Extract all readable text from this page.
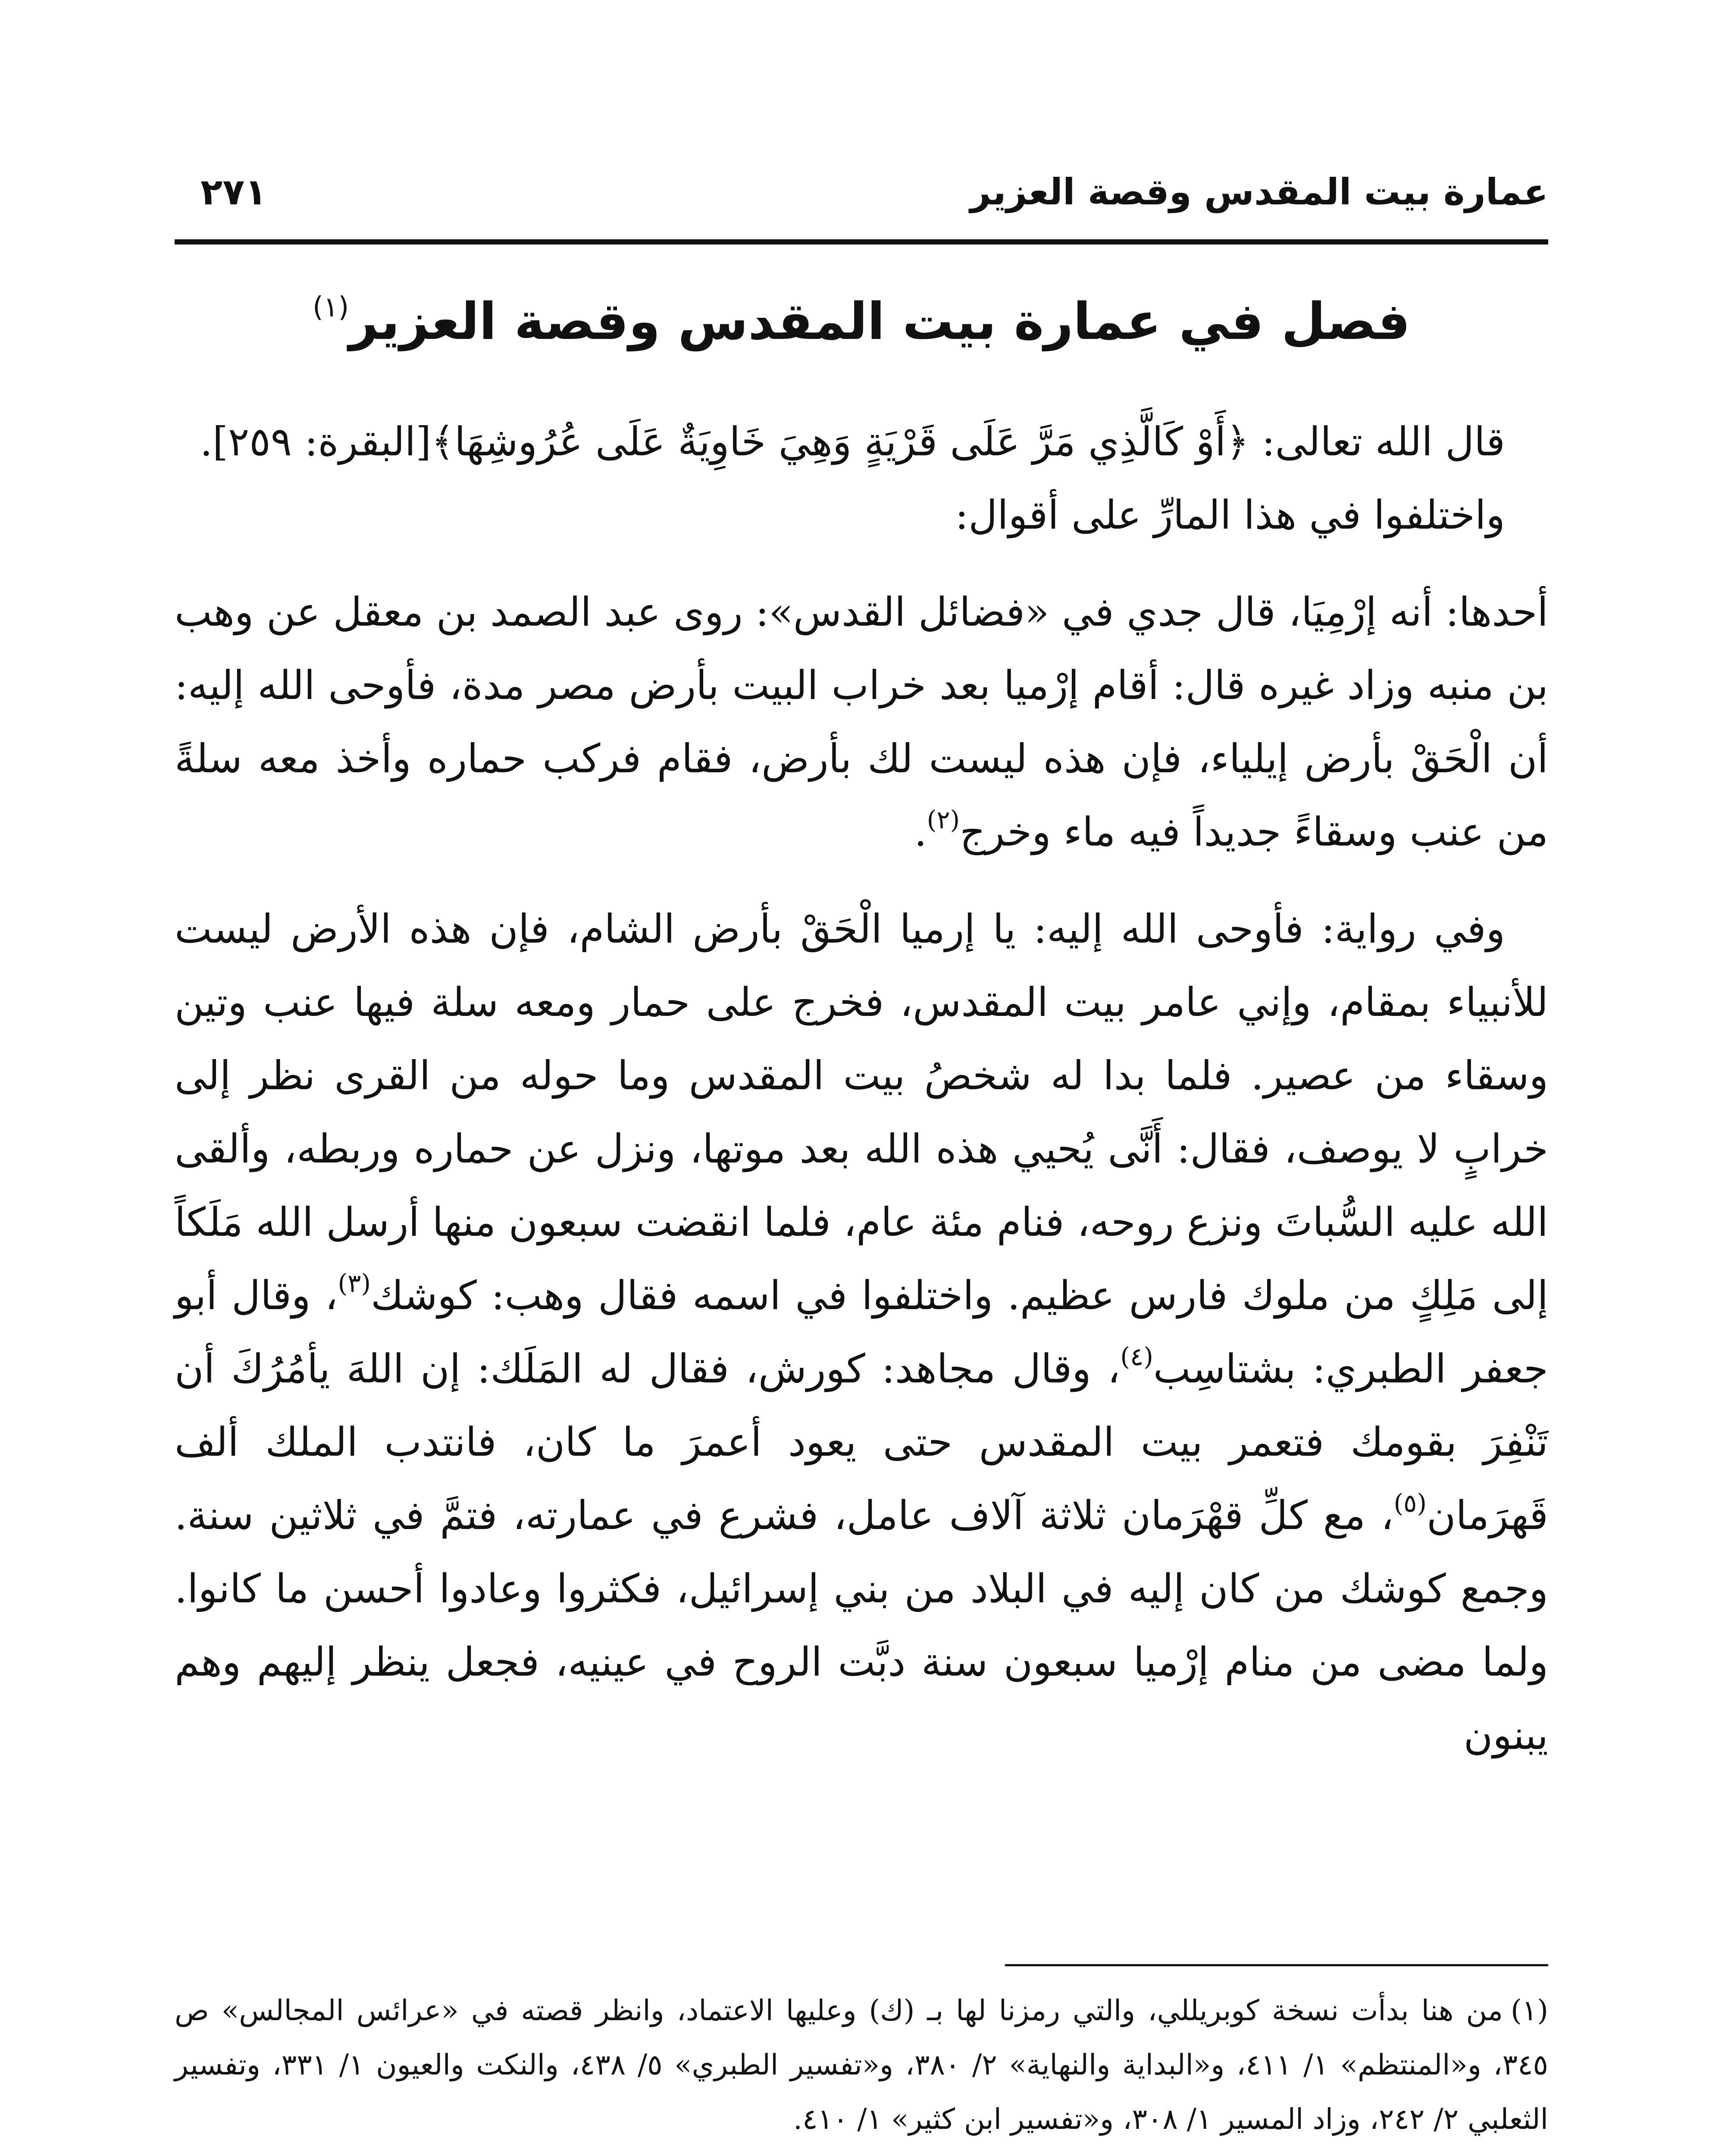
عمارة بيت المقدس وقصة العزير
٢٧١
فصل في عمارة بيت المقدس وقصة العزير$^{(١)}$

قال الله تعالى: ﴿أَوْ كَالَّذِي مَرَّ عَلَى قَرْيَةٍ وَهِيَ خَاوِيَةٌ عَلَى عُرُوشِهَا﴾[البقرة: ٢٥٩].

واختلفوا في هذا المارِّ على أقوال:

أحدها: أنه إرْمِيَا، قال جدي في «فضائل القدس»: روى عبد الصمد بن معقل عن وهب بن منبه وزاد غيره قال: أقام إرْميا بعد خراب البيت بأرض مصر مدة، فأوحى الله إليه: أن الْحَقْ بأرض إيلياء، فإن هذه ليست لك بأرض، فقام فركب حماره وأخذ معه سلةً من عنب وسقاءً جديداً فيه ماء وخرج$^{(٢)}$.

وفي رواية: فأوحى الله إليه: يا إرميا الْحَقْ بأرض الشام، فإن هذه الأرض ليست للأنبياء بمقام، وإني عامر بيت المقدس، فخرج على حمار ومعه سلة فيها عنب وتين وسقاء من عصير. فلما بدا له شخصُ بيت المقدس وما حوله من القرى نظر إلى خرابٍ لا يوصف، فقال: أَنَّى يُحيي هذه الله بعد موتها، ونزل عن حماره وربطه، وألقى الله عليه السُّباتَ ونزع روحه، فنام مئة عام، فلما انقضت سبعون منها أرسل الله مَلَكاً إلى مَلِكٍ من ملوك فارس عظيم. واختلفوا في اسمه فقال وهب: كوشك$^{(٣)}$، وقال أبو جعفر الطبري: بشتاسِب$^{(٤)}$، وقال مجاهد: كورش، فقال له المَلَك: إن اللهَ يأمُرُكَ أن تَنْفِرَ بقومك فتعمر بيت المقدس حتى يعود أعمرَ ما كان، فانتدب الملك ألف قَهرَمان$^{(٥)}$، مع كلِّ قهْرَمان ثلاثة آلاف عامل، فشرع في عمارته، فتمَّ في ثلاثين سنة. وجمع كوشك من كان إليه في البلاد من بني إسرائيل، فكثروا وعادوا أحسن ما كانوا. ولما مضى من منام إرْميا سبعون سنة دبَّت الروح في عينيه، فجعل ينظر إليهم وهم يبنون

(١)من هنا بدأت نسخة كوبريللي، والتي رمزنا لها بـ (ك) وعليها الاعتماد، وانظر قصته في «عرائس المجالس» ص ٣٤٥، و«المنتظم» ١/ ٤١١، و«البداية والنهاية» ٢/ ٣٨٠، و«تفسير الطبري» ٥/ ٤٣٨، والنكت والعيون ١/ ٣٣١، وتفسير الثعلبي ٢/ ٢٤٢، وزاد المسير ١/ ٣٠٨، و«تفسير ابن كثير» ١/ ٤١٠.
